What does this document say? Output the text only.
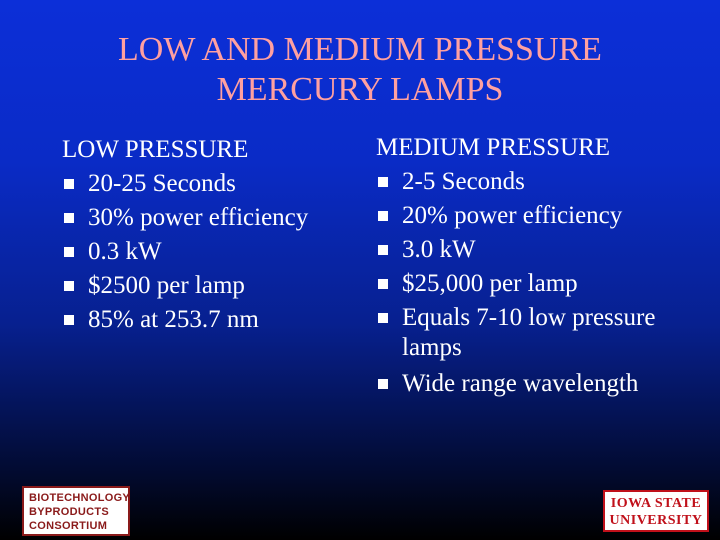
LOW AND MEDIUM PRESSURE
MERCURY LAMPS
LOW PRESSURE
20-25 Seconds
30% power efficiency
0.3 kW
$2500 per lamp
85% at 253.7 nm
MEDIUM PRESSURE
2-5 Seconds
20% power efficiency
3.0 kW
$25,000 per lamp
Equals 7-10 low pressure lamps
Wide range wavelength
BIOTECHNOLOGY
BYPRODUCTS
CONSORTIUM
IOWA STATE
UNIVERSITY
